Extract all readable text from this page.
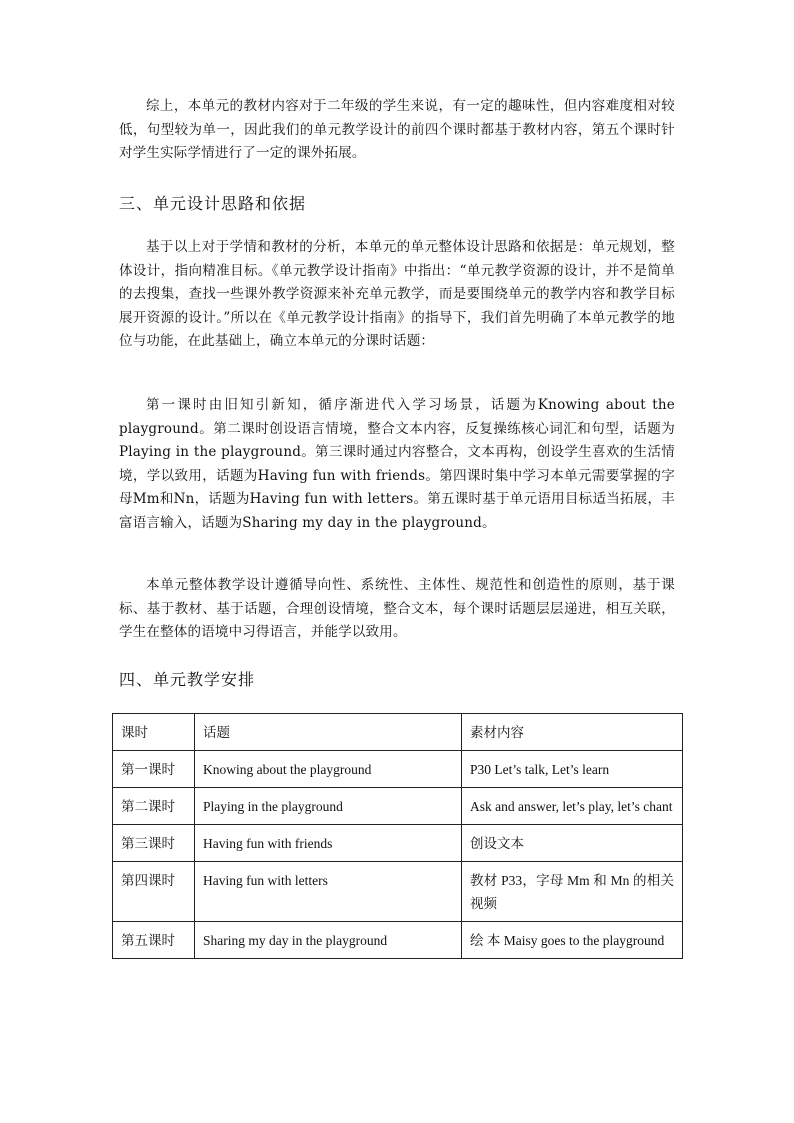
综上，本单元的教材内容对于二年级的学生来说，有一定的趣味性，但内容难度相对较低，句型较为单一，因此我们的单元教学设计的前四个课时都基于教材内容，第五个课时针对学生实际学情进行了一定的课外拓展。

三、单元设计思路和依据

基于以上对于学情和教材的分析，本单元的单元整体设计思路和依据是：单元规划，整体设计，指向精准目标。《单元教学设计指南》中指出：“单元教学资源的设计，并不是简单的去搜集，查找一些课外教学资源来补充单元教学，而是要围绕单元的教学内容和教学目标展开资源的设计。”所以在《单元教学设计指南》的指导下，我们首先明确了本单元教学的地位与功能，在此基础上，确立本单元的分课时话题：

第一课时由旧知引新知，循序渐进代入学习场景，话题为Knowing about the playground。第二课时创设语言情境，整合文本内容，反复操练核心词汇和句型，话题为Playing in the playground。第三课时通过内容整合，文本再构，创设学生喜欢的生活情境，学以致用，话题为Having fun with friends。第四课时集中学习本单元需要掌握的字母Mm和Nn，话题为Having fun with letters。第五课时基于单元语用目标适当拓展，丰富语言输入，话题为Sharing my day in the playground。

本单元整体教学设计遵循导向性、系统性、主体性、规范性和创造性的原则，基于课标、基于教材、基于话题，合理创设情境，整合文本，每个课时话题层层递进，相互关联，学生在整体的语境中习得语言，并能学以致用。

四、单元教学安排
课时	话题	素材内容
第一课时	Knowing about the playground	P30 Let’s talk, Let’s learn
第二课时	Playing in the playground	Ask and answer, let’s play, let’s chant
第三课时	Having fun with friends	创设文本
第四课时	Having fun with letters	教材 P33，字母 Mm 和 Mn 的相关视频
第五课时	Sharing my day in the playground	绘 本 Maisy goes to the playground
